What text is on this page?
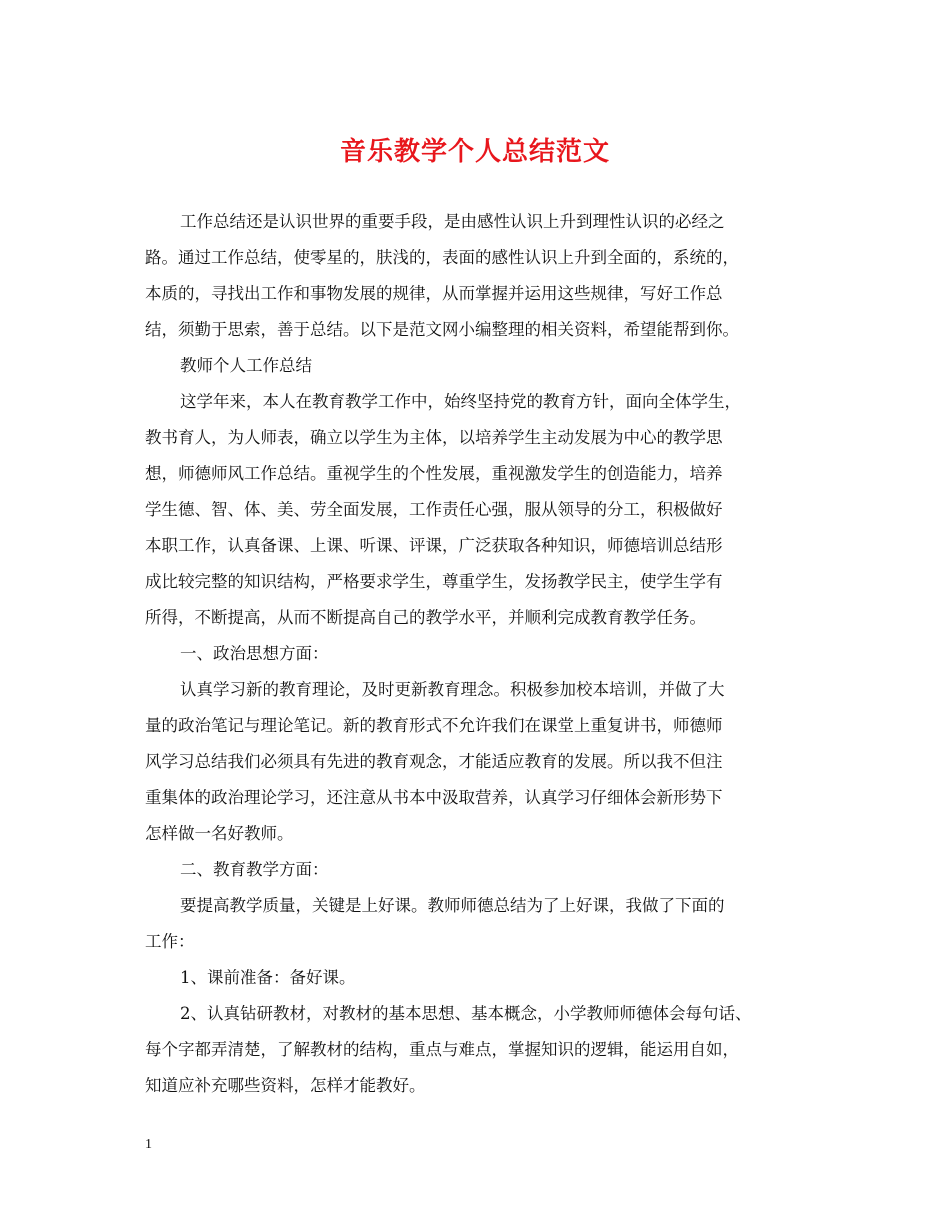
音乐教学个人总结范文
工作总结还是认识世界的重要手段，是由感性认识上升到理性认识的必经之
路。通过工作总结，使零星的，肤浅的，表面的感性认识上升到全面的，系统的，
本质的，寻找出工作和事物发展的规律，从而掌握并运用这些规律，写好工作总
结，须勤于思索，善于总结。以下是范文网小编整理的相关资料，希望能帮到你。
教师个人工作总结
这学年来，本人在教育教学工作中，始终坚持党的教育方针，面向全体学生，
教书育人，为人师表，确立以学生为主体，以培养学生主动发展为中心的教学思
想，师德师风工作总结。重视学生的个性发展，重视激发学生的创造能力，培养
学生德、智、体、美、劳全面发展，工作责任心强，服从领导的分工，积极做好
本职工作，认真备课、上课、听课、评课，广泛获取各种知识，师德培训总结形
成比较完整的知识结构，严格要求学生，尊重学生，发扬教学民主，使学生学有
所得，不断提高，从而不断提高自己的教学水平，并顺利完成教育教学任务。
一、政治思想方面：
认真学习新的教育理论，及时更新教育理念。积极参加校本培训，并做了大
量的政治笔记与理论笔记。新的教育形式不允许我们在课堂上重复讲书，师德师
风学习总结我们必须具有先进的教育观念，才能适应教育的发展。所以我不但注
重集体的政治理论学习，还注意从书本中汲取营养，认真学习仔细体会新形势下
怎样做一名好教师。
二、教育教学方面：
要提高教学质量，关键是上好课。教师师德总结为了上好课，我做了下面的
工作：
1、课前准备：备好课。
2、认真钻研教材，对教材的基本思想、基本概念，小学教师师德体会每句话、
每个字都弄清楚，了解教材的结构，重点与难点，掌握知识的逻辑，能运用自如，
知道应补充哪些资料，怎样才能教好。
1
